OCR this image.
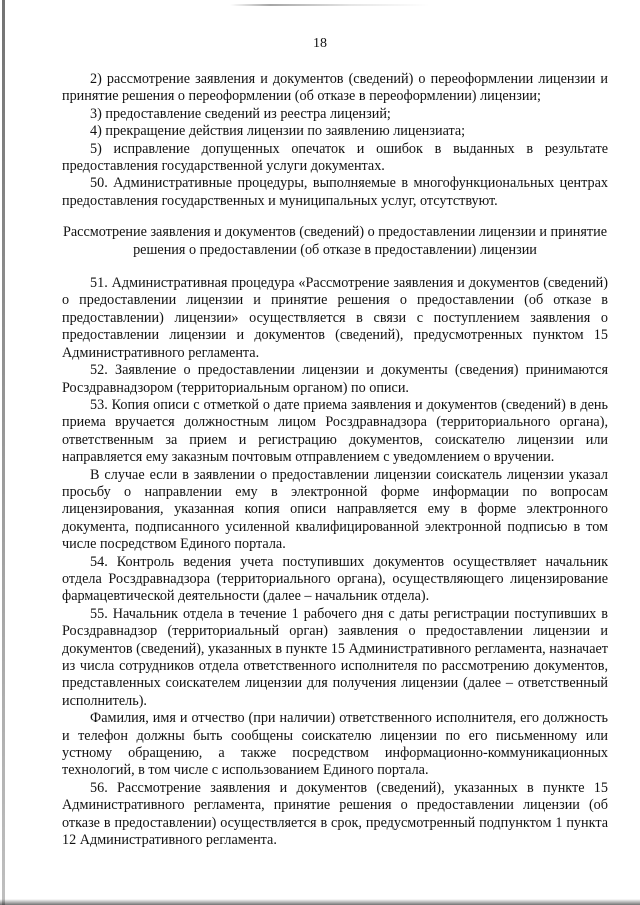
18

2) рассмотрение заявления и документов (сведений) о переоформлении лицензии и принятие решения о переоформлении (об отказе в переоформлении) лицензии;

3) предоставление сведений из реестра лицензий;

4) прекращение действия лицензии по заявлению лицензиата;

5) исправление допущенных опечаток и ошибок в выданных в результате предоставления государственной услуги документах.

50. Административные процедуры, выполняемые в многофункциональных центрах предоставления государственных и муниципальных услуг, отсутствуют.

Рассмотрение заявления и документов (сведений) о предоставлении лицензии и принятие решения о предоставлении (об отказе в предоставлении) лицензии

51. Административная процедура «Рассмотрение заявления и документов (сведений) о предоставлении лицензии и принятие решения о предоставлении (об отказе в предоставлении) лицензии» осуществляется в связи с поступлением заявления о предоставлении лицензии и документов (сведений), предусмотренных пунктом 15 Административного регламента.

52. Заявление о предоставлении лицензии и документы (сведения) принимаются Росздравнадзором (территориальным органом) по описи.

53. Копия описи с отметкой о дате приема заявления и документов (сведений) в день приема вручается должностным лицом Росздравнадзора (территориального органа), ответственным за прием и регистрацию документов, соискателю лицензии или направляется ему заказным почтовым отправлением с уведомлением о вручении.

В случае если в заявлении о предоставлении лицензии соискатель лицензии указал просьбу о направлении ему в электронной форме информации по вопросам лицензирования, указанная копия описи направляется ему в форме электронного документа, подписанного усиленной квалифицированной электронной подписью в том числе посредством Единого портала.

54. Контроль ведения учета поступивших документов осуществляет начальник отдела Росздравнадзора (территориального органа), осуществляющего лицензирование фармацевтической деятельности (далее – начальник отдела).

55. Начальник отдела в течение 1 рабочего дня с даты регистрации поступивших в Росздравнадзор (территориальный орган) заявления о предоставлении лицензии и документов (сведений), указанных в пункте 15 Административного регламента, назначает из числа сотрудников отдела ответственного исполнителя по рассмотрению документов, представленных соискателем лицензии для получения лицензии (далее – ответственный исполнитель).

Фамилия, имя и отчество (при наличии) ответственного исполнителя, его должность и телефон должны быть сообщены соискателю лицензии по его письменному или устному обращению, а также посредством информационно-коммуникационных технологий, в том числе с использованием Единого портала.

56. Рассмотрение заявления и документов (сведений), указанных в пункте 15 Административного регламента, принятие решения о предоставлении лицензии (об отказе в предоставлении) осуществляется в срок, предусмотренный подпунктом 1 пункта 12 Административного регламента.
